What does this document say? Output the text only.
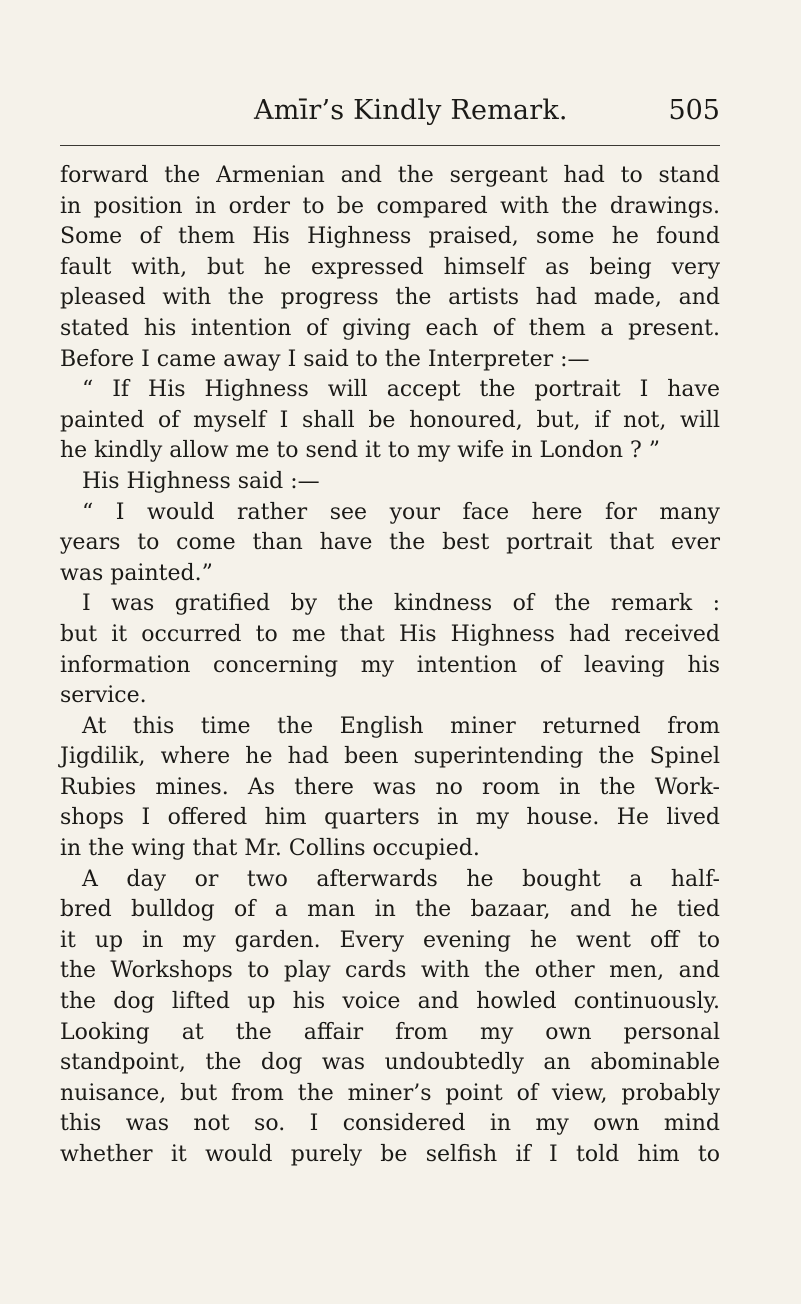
Amīr’s Kindly Remark.	505
forward the Armenian and the sergeant had to stand
in position in order to be compared with the drawings.
Some of them His Highness praised, some he found
fault with, but he expressed himself as being very
pleased with the progress the artists had made, and
stated his intention of giving each of them a present.
Before I came away I said to the Interpreter :—
“ If His Highness will accept the portrait I have
painted of myself I shall be honoured, but, if not, will
he kindly allow me to send it to my wife in London ? ”
His Highness said :—
“ I would rather see your face here for many
years to come than have the best portrait that ever
was painted.”
I was gratified by the kindness of the remark :
but it occurred to me that His Highness had received
information concerning my intention of leaving his
service.
At this time the English miner returned from
Jigdilik, where he had been superintending the Spinel
Rubies mines. As there was no room in the Work-
shops I offered him quarters in my house. He lived
in the wing that Mr. Collins occupied.
A day or two afterwards he bought a half-
bred bulldog of a man in the bazaar, and he tied
it up in my garden. Every evening he went off to
the Workshops to play cards with the other men, and
the dog lifted up his voice and howled continuously.
Looking at the affair from my own personal
standpoint, the dog was undoubtedly an abominable
nuisance, but from the miner’s point of view, probably
this was not so. I considered in my own mind
whether it would purely be selfish if I told him to
